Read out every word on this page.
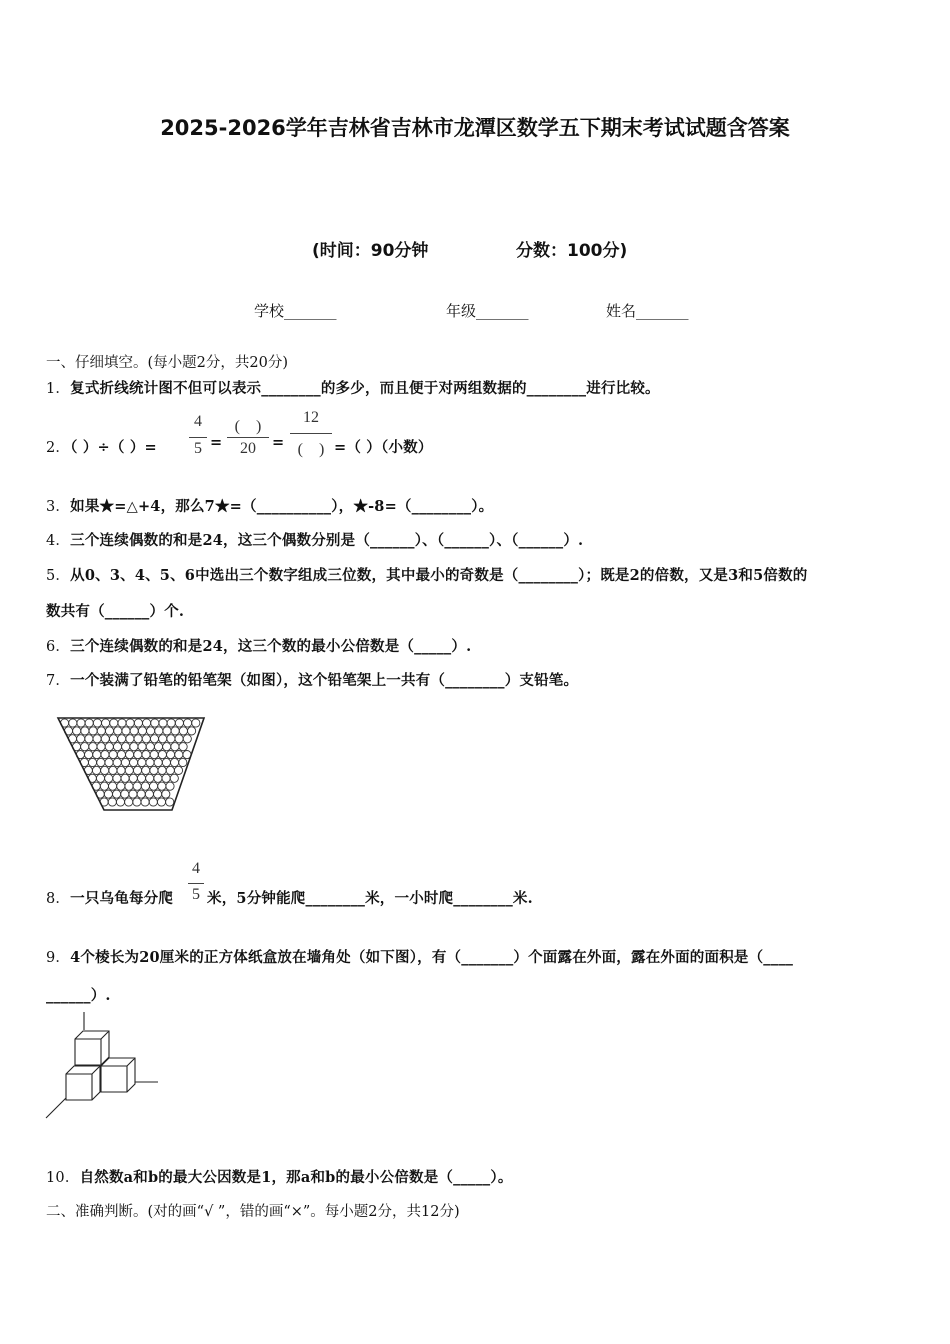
2025-2026学年吉林省吉林市龙潭区数学五下期末考试试题含答案
(时间：90分钟	分数：100分)
学校_______	年级_______	姓名_______
一、仔细填空。(每小题2分，共20分)
1．复式折线统计图不但可以表示________的多少，而且便于对两组数据的________进行比较。
2．（ ）÷（ ）=
4
5 =
(　)
20	=
12
(　) =（ ）（小数）
3．如果★=△+4，那么7★=（__________），★-8=（________）。
4．三个连续偶数的和是24，这三个偶数分别是（______）、（______）、（______）.
5．从0、3、4、5、6中选出三个数字组成三位数，其中最小的奇数是（________）；既是2的倍数，又是3和5倍数的
数共有（______）个.
6．三个连续偶数的和是24，这三个数的最小公倍数是（_____）.
7．一个装满了铅笔的铅笔架（如图），这个铅笔架上一共有（________）支铅笔。
8．一只乌龟每分爬
4
5 米，5分钟能爬________米，一小时爬________米.
9．4个棱长为20厘米的正方体纸盒放在墙角处（如下图），有（_______）个面露在外面，露在外面的面积是（____
______）.
10．自然数a和b的最大公因数是1，那a和b的最小公倍数是（_____）。
二、准确判断。(对的画“√ ”，错的画“×”。每小题2分，共12分)
